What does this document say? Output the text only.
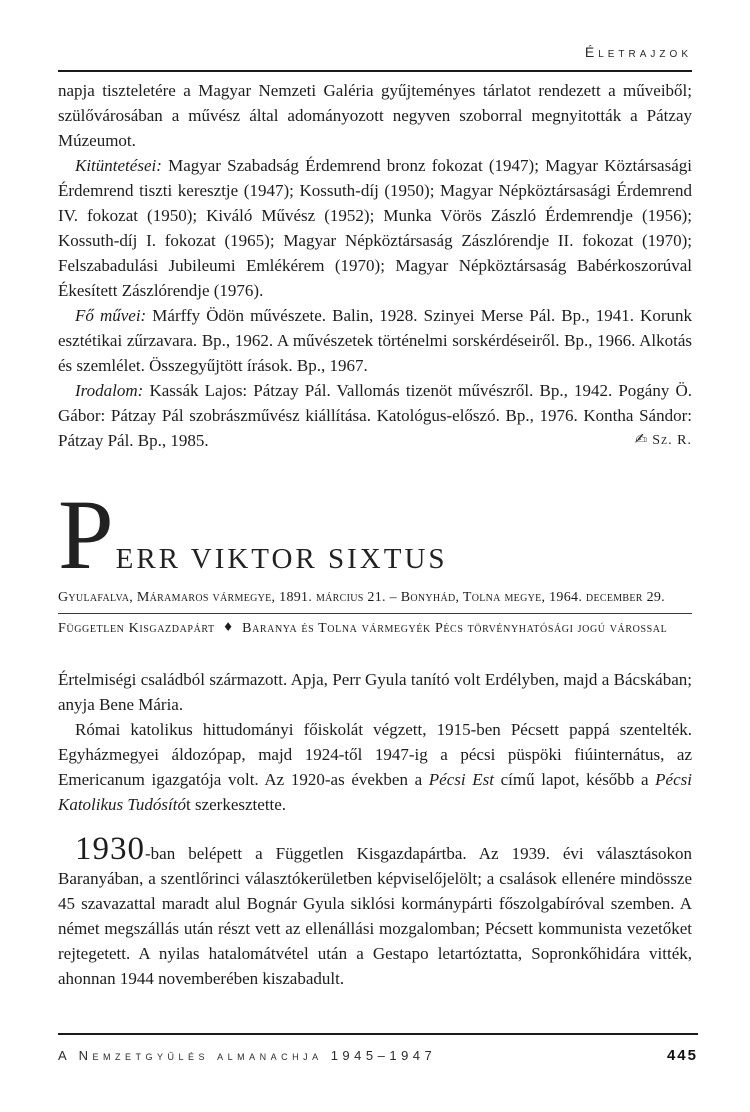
Életrajzok

napja tiszteletére a Magyar Nemzeti Galéria gyűjteményes tárlatot rendezett a műveiből; szülővárosában a művész által adományozott negyven szoborral megnyitották a Pátzay Múzeumot.

Kitüntetései: Magyar Szabadság Érdemrend bronz fokozat (1947); Magyar Köztársasági Érdemrend tiszti keresztje (1947); Kossuth-díj (1950); Magyar Népköztársasági Érdemrend IV. fokozat (1950); Kiváló Művész (1952); Munka Vörös Zászló Érdemrendje (1956); Kossuth-díj I. fokozat (1965); Magyar Népköztársaság Zászlórendje II. fokozat (1970); Felszabadulási Jubileumi Emlékérem (1970); Magyar Népköztársaság Babérkoszorúval Ékesített Zászlórendje (1976).

Fő művei: Márffy Ödön művészete. Balin, 1928. Szinyei Merse Pál. Bp., 1941. Korunk esztétikai zűrzavara. Bp., 1962. A művészetek történelmi sorskérdéseiről. Bp., 1966. Alkotás és szemlélet. Összegyűjtött írások. Bp., 1967.

Irodalom: Kassák Lajos: Pátzay Pál. Vallomás tizenöt művészről. Bp., 1942. Pogány Ö. Gábor: Pátzay Pál szobrászművész kiállítása. Katológus-előszó. Bp., 1976. Kontha Sándor: Pátzay Pál. Bp., 1985.	✍ Sz. R.

P ERR VIKTOR SIXTUS
Gyulafalva, Máramaros vármegye, 1891. március 21. – Bonyhád, Tolna megye, 1964. december 29.
Független Kisgazdapárt ♦ Baranya és Tolna vármegyék Pécs törvényhatósági jogú várossal

Értelmiségi családból származott. Apja, Perr Gyula tanító volt Erdélyben, majd a Bácskában; anyja Bene Mária.

Római katolikus hittudományi főiskolát végzett, 1915-ben Pécsett pappá szentelték. Egyházmegyei áldozópap, majd 1924-től 1947-ig a pécsi püspöki fiúinternátus, az Emericanum igazgatója volt. Az 1920-as években a Pécsi Est című lapot, később a Pécsi Katolikus Tudósítót szerkesztette.

1930-ban belépett a Független Kisgazdapártba. Az 1939. évi választásokon Baranyában, a szentlőrinci választókerületben képviselőjelölt; a csalások ellenére mindössze 45 szavazattal maradt alul Bognár Gyula siklósi kormánypárti főszolgabíróval szemben. A német megszállás után részt vett az ellenállási mozgalomban; Pécsett kommunista vezetőket rejtegetett. A nyilas hatalomátvétel után a Gestapo letartóztatta, Sopronkőhidára vitték, ahonnan 1944 novemberében kiszabadult.

A Nemzetgyűlés almanachja 1945–1947	445
